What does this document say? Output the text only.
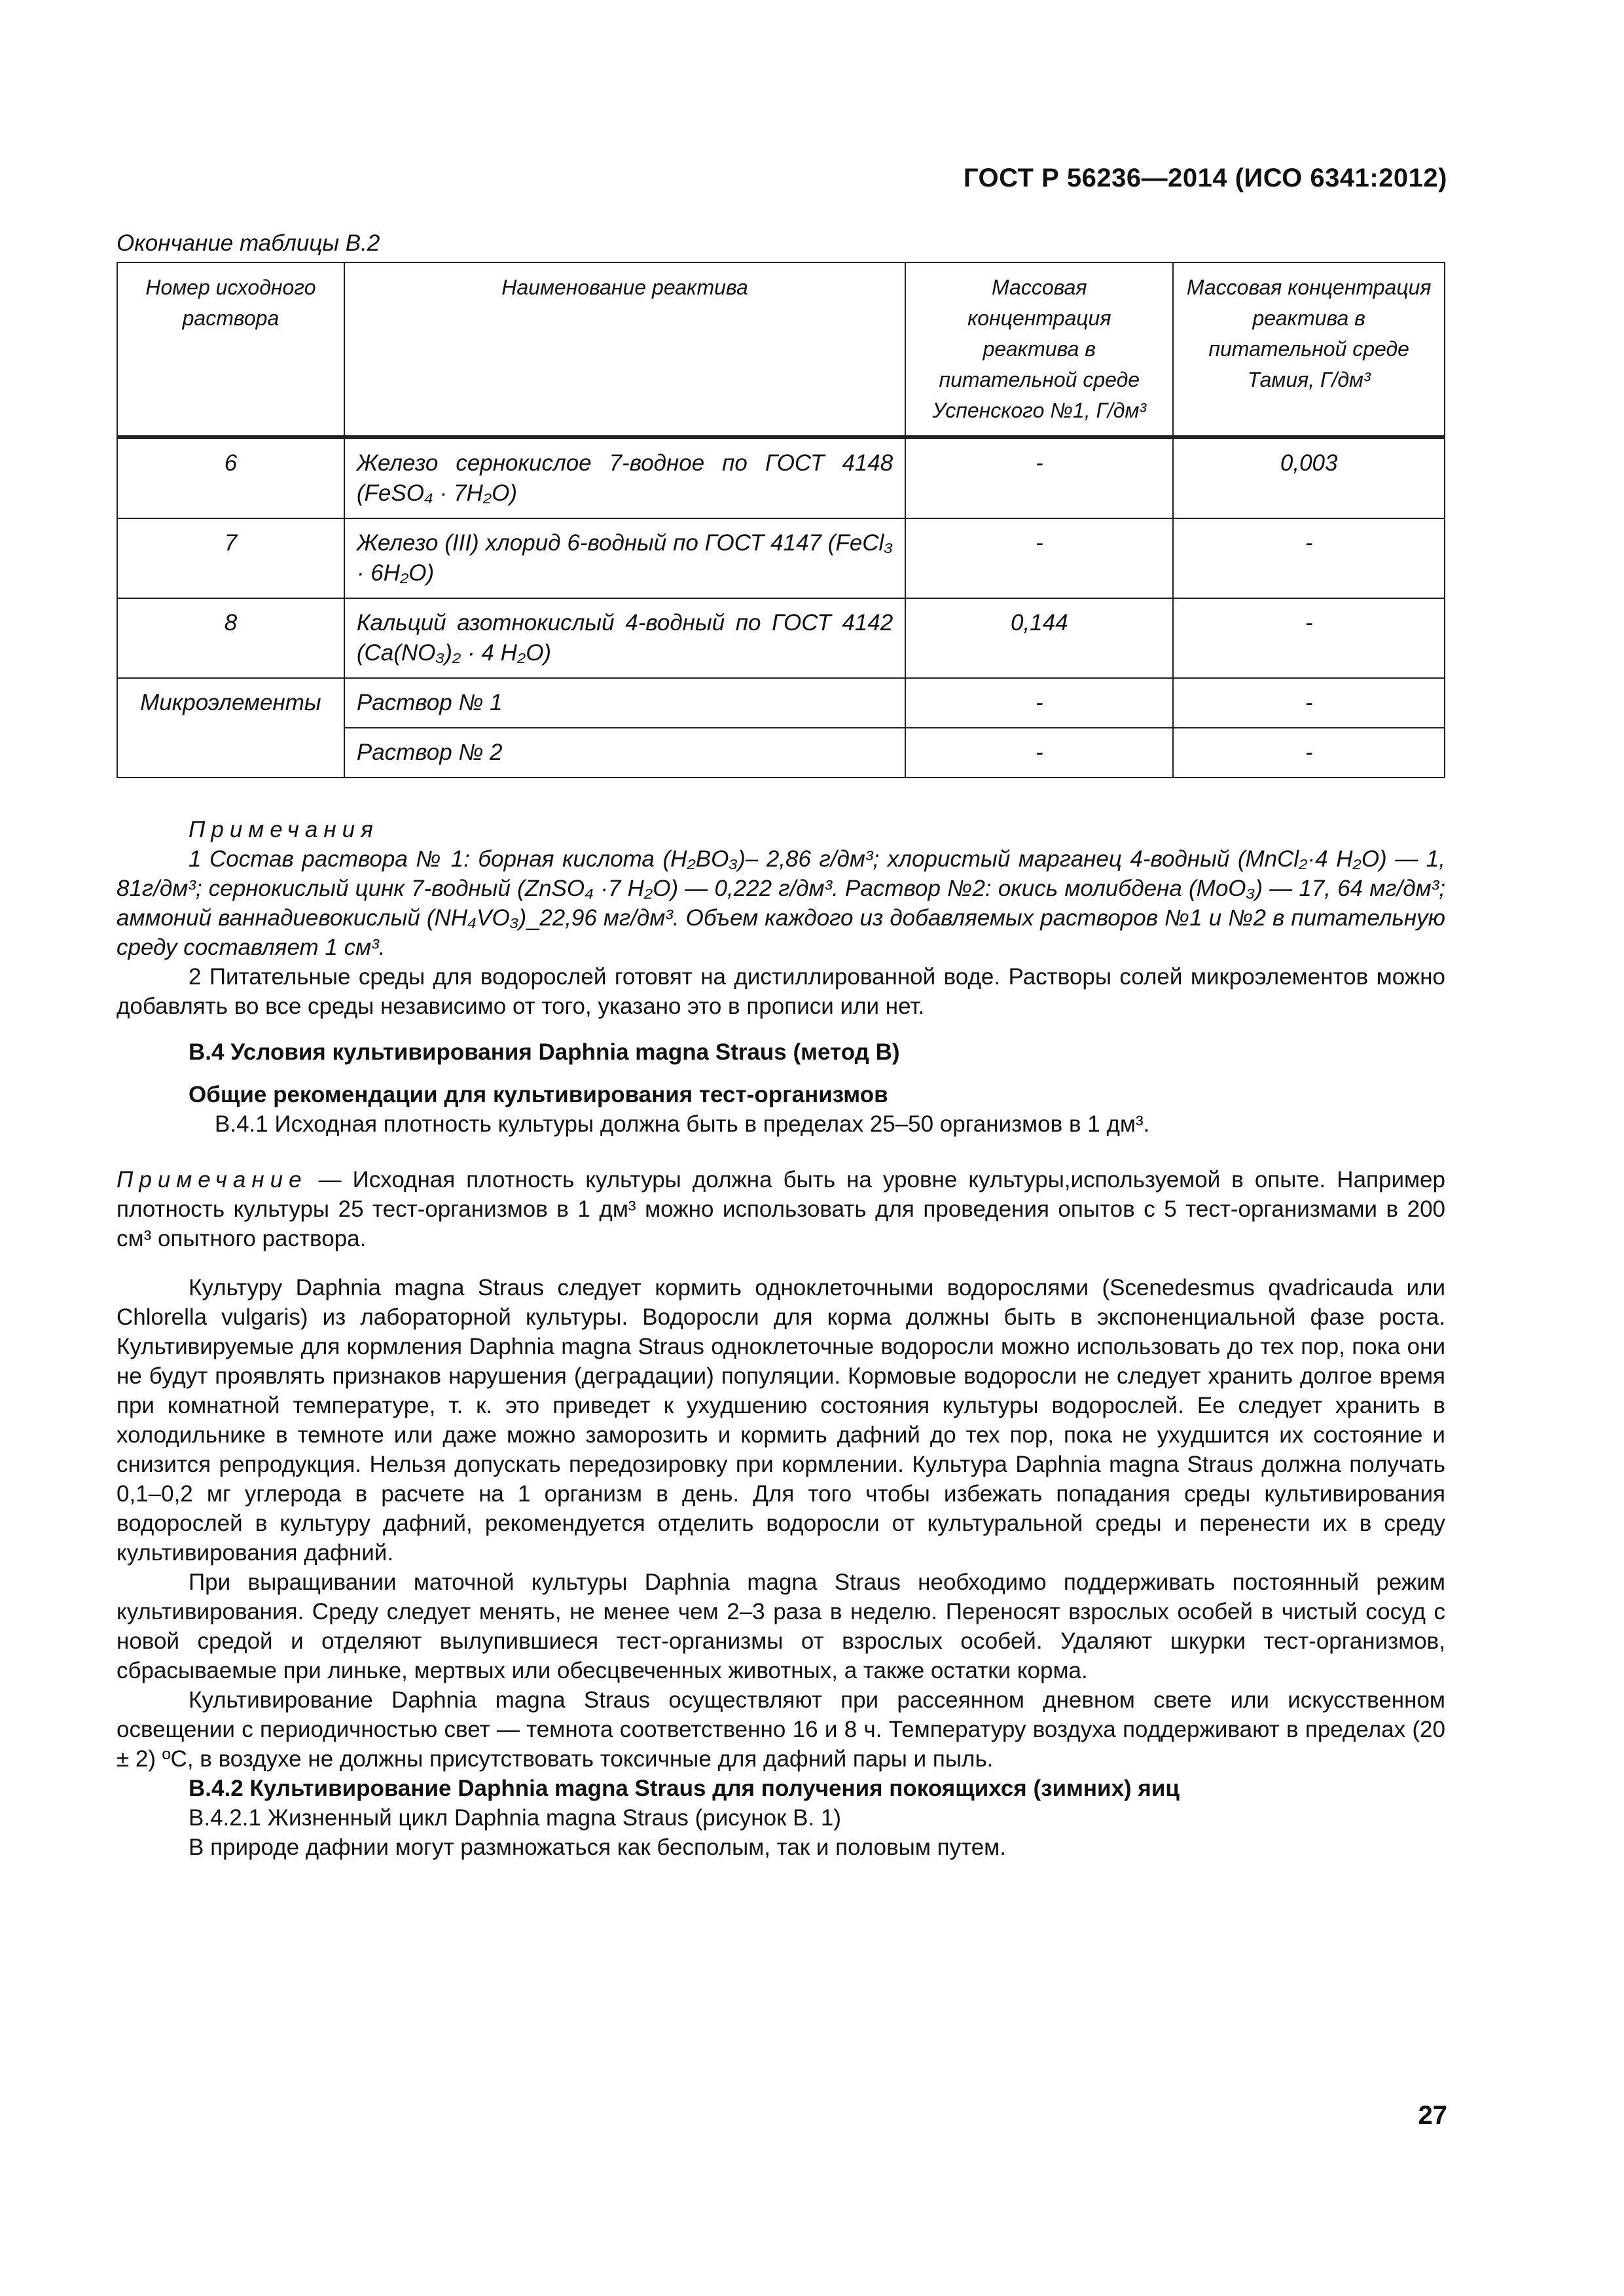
ГОСТ Р 56236—2014 (ИСО 6341:2012)
Окончание таблицы В.2
Номер исходного раствора	Наименование реактива	Массовая концентрация реактива в питательной среде Успенского №1, Г/дм³	Массовая концентрация реактива в питательной среде Тамия, Г/дм³
6	Железо сернокислое 7-водное по ГОСТ 4148 (FeSO₄ · 7H₂O)	-	0,003
7	Железо (III) хлорид 6-водный по ГОСТ 4147 (FeCl₃ · 6H₂O)	-	-
8	Кальций азотнокислый 4-водный по ГОСТ 4142 (Ca(NO₃)₂ · 4 H₂O)	0,144	-
Микроэлементы	Раствор № 1	-	-
	Раствор № 2	-	-

Примечания

1 Состав раствора № 1: борная кислота (H₂BO₃)– 2,86 г/дм³; хлористый марганец 4-водный (MnCl₂·4 H₂O) — 1, 81г/дм³; сернокислый цинк 7-водный (ZnSO₄ ·7 H₂O) — 0,222 г/дм³. Раствор №2: окись молибдена (MoO₃) — 17, 64 мг/дм³; аммоний ваннадиевокислый (NH₄VO₃) ̲ 22,96 мг/дм³. Объем каждого из добавляемых растворов №1 и №2 в питательную среду составляет 1 см³.

2 Питательные среды для водорослей готовят на дистиллированной воде. Растворы солей микроэлементов можно добавлять во все среды независимо от того, указано это в прописи или нет.

В.4 Условия культивирования Daphnia magna Straus (метод В)

Общие рекомендации для культивирования тест-организмов

В.4.1 Исходная плотность культуры должна быть в пределах 25–50 организмов в 1 дм³.

Примечание — Исходная плотность культуры должна быть на уровне культуры,используемой в опыте. Например плотность культуры 25 тест-организмов в 1 дм³ можно использовать для проведения опытов с 5 тест-организмами в 200 см³ опытного раствора.

Культуру Daphnia magna Straus следует кормить одноклеточными водорослями (Scenedesmus qvadricauda или Chlorella vulgaris) из лабораторной культуры. Водоросли для корма должны быть в экспоненциальной фазе роста. Культивируемые для кормления Daphnia magna Straus одноклеточные водоросли можно использовать до тех пор, пока они не будут проявлять признаков нарушения (деградации) популяции. Кормовые водоросли не следует хранить долгое время при комнатной температуре, т. к. это приведет к ухудшению состояния культуры водорослей. Ее следует хранить в холодильнике в темноте или даже можно заморозить и кормить дафний до тех пор, пока не ухудшится их состояние и снизится репродукция. Нельзя допускать передозировку при кормлении. Культура Daphnia magna Straus должна получать 0,1–0,2 мг углерода в расчете на 1 организм в день. Для того чтобы избежать попадания среды культивирования водорослей в культуру дафний, рекомендуется отделить водоросли от культуральной среды и перенести их в среду культивирования дафний.

При выращивании маточной культуры Daphnia magna Straus необходимо поддерживать постоянный режим культивирования. Среду следует менять, не менее чем 2–3 раза в неделю. Переносят взрослых особей в чистый сосуд с новой средой и отделяют вылупившиеся тест-организмы от взрослых особей. Удаляют шкурки тест-организмов, сбрасываемые при линьке, мертвых или обесцвеченных животных, а также остатки корма.

Культивирование Daphnia magna Straus осуществляют при рассеянном дневном свете или искусственном освещении с периодичностью свет — темнота соответственно 16 и 8 ч. Температуру воздуха поддерживают в пределах (20 ± 2) ºС, в воздухе не должны присутствовать токсичные для дафний пары и пыль.

В.4.2 Культивирование Daphnia magna Straus для получения покоящихся (зимних) яиц

В.4.2.1 Жизненный цикл Daphnia magna Straus (рисунок В. 1)

В природе дафнии могут размножаться как бесполым, так и половым путем.

27
